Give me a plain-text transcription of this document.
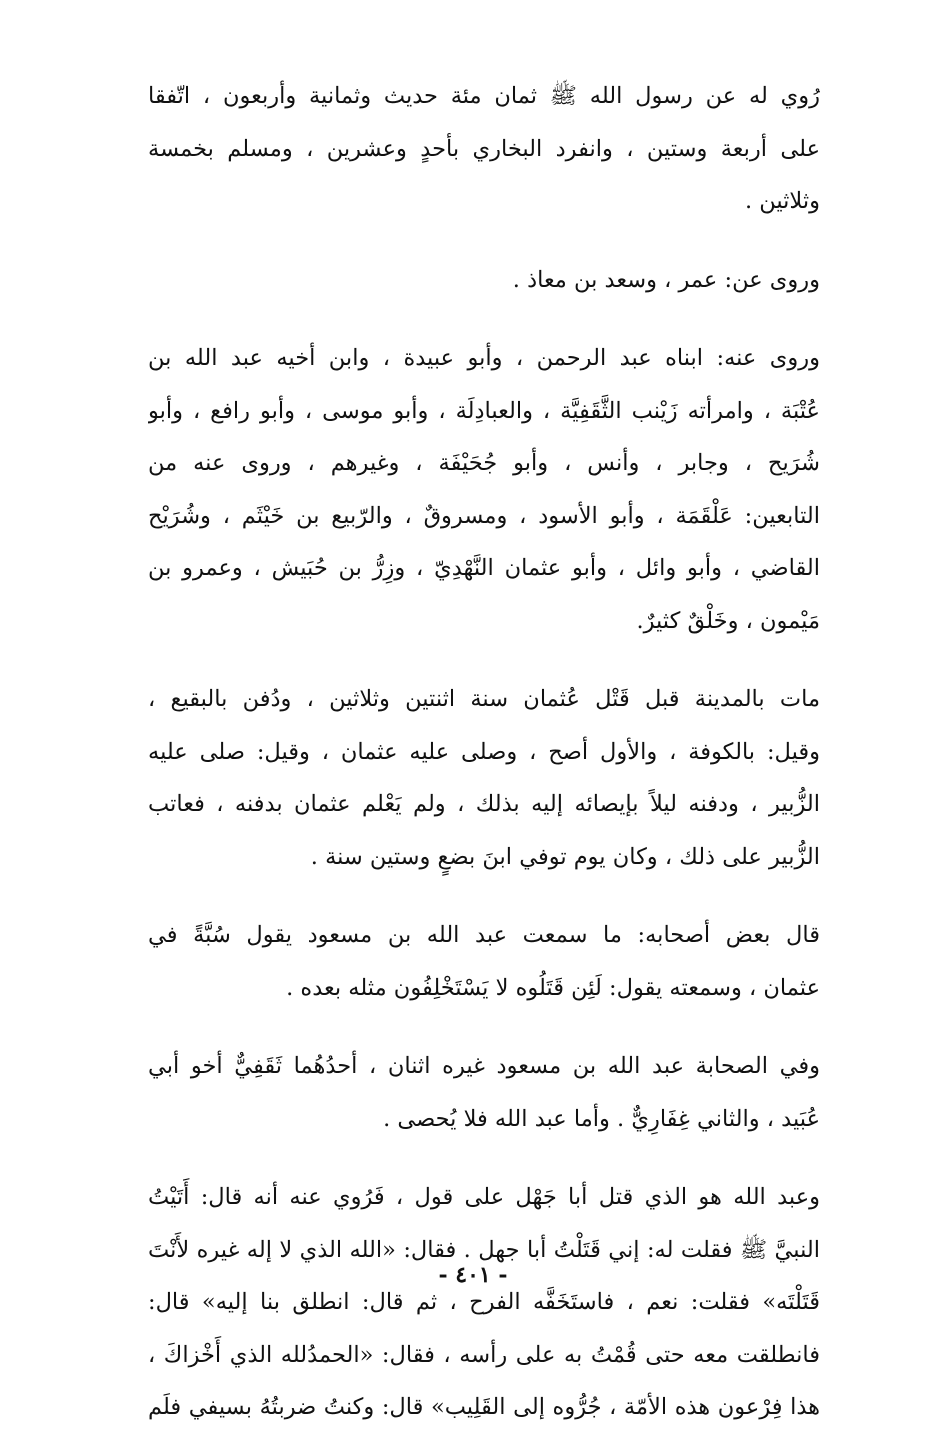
رُوي له عن رسول الله ﷺ ثمان مئة حديث وثمانية وأربعون ، اتّفقا
على أربعة وستين ، وانفرد البخاري بأحدٍ وعشرين ، ومسلم بخمسة
وثلاثين .

وروى عن: عمر ، وسعد بن معاذ .

وروى عنه: ابناه عبد الرحمن ، وأبو عبيدة ، وابن أخيه عبد الله بن
عُتْبَة ، وامرأته زَيْنب الثَّقَفِيَّة ، والعبادِلَة ، وأبو موسى ، وأبو رافع ، وأبو
شُرَيح ، وجابر ، وأنس ، وأبو جُحَيْفَة ، وغيرهم ، وروى عنه من
التابعين: عَلْقَمَة ، وأبو الأسود ، ومسروقٌ ، والرّبيع بن خَيْثَم ، وشُرَيْح
القاضي ، وأبو وائل ، وأبو عثمان النَّهْدِيّ ، وزِرُّ بن حُبَيش ، وعمرو بن
مَيْمون ، وخَلْقٌ كثيرٌ.

مات بالمدينة قبل قَتْل عُثمان سنة اثنتين وثلاثين ، ودُفن بالبقيع ،
وقيل: بالكوفة ، والأول أصح ، وصلى عليه عثمان ، وقيل: صلى عليه
الزُّبير ، ودفنه ليلاً بإيصائه إليه بذلك ، ولم يَعْلم عثمان بدفنه ، فعاتب
الزُّبير على ذلك ، وكان يوم توفي ابنَ بضعٍ وستين سنة .

قال بعض أصحابه: ما سمعت عبد الله بن مسعود يقول سُبَّةً في
عثمان ، وسمعته يقول: لَئِن قَتَلُوه لا يَسْتَخْلِفُون مثله بعده .

وفي الصحابة عبد الله بن مسعود غيره اثنان ، أحدُهُما ثَقَفِيٌّ أخو أبي
عُبَيد ، والثاني غِفَارِيٌّ . وأما عبد الله فلا يُحصى .

وعبد الله هو الذي قتل أبا جَهْل على قول ، فَرُوي عنه أنه قال: أَتَيْتُ
النبيَّ ﷺ فقلت له: إني قَتَلْتُ أبا جهل . فقال: «الله الذي لا إله غيره لأَنْتَ
قَتَلْتَه» فقلت: نعم ، فاستَخَفَّه الفرح ، ثم قال: انطلق بنا إليه» قال:
فانطلقت معه حتى قُمْتُ به على رأسه ، فقال: «الحمدُلله الذي أَخْزاكَ ،
هذا فِرْعون هذه الأمّة ، جُرُّوه إلى القَلِيب» قال: وكنتُ ضربتُهُ بسيفي فلَم

- ٤٠١ -
